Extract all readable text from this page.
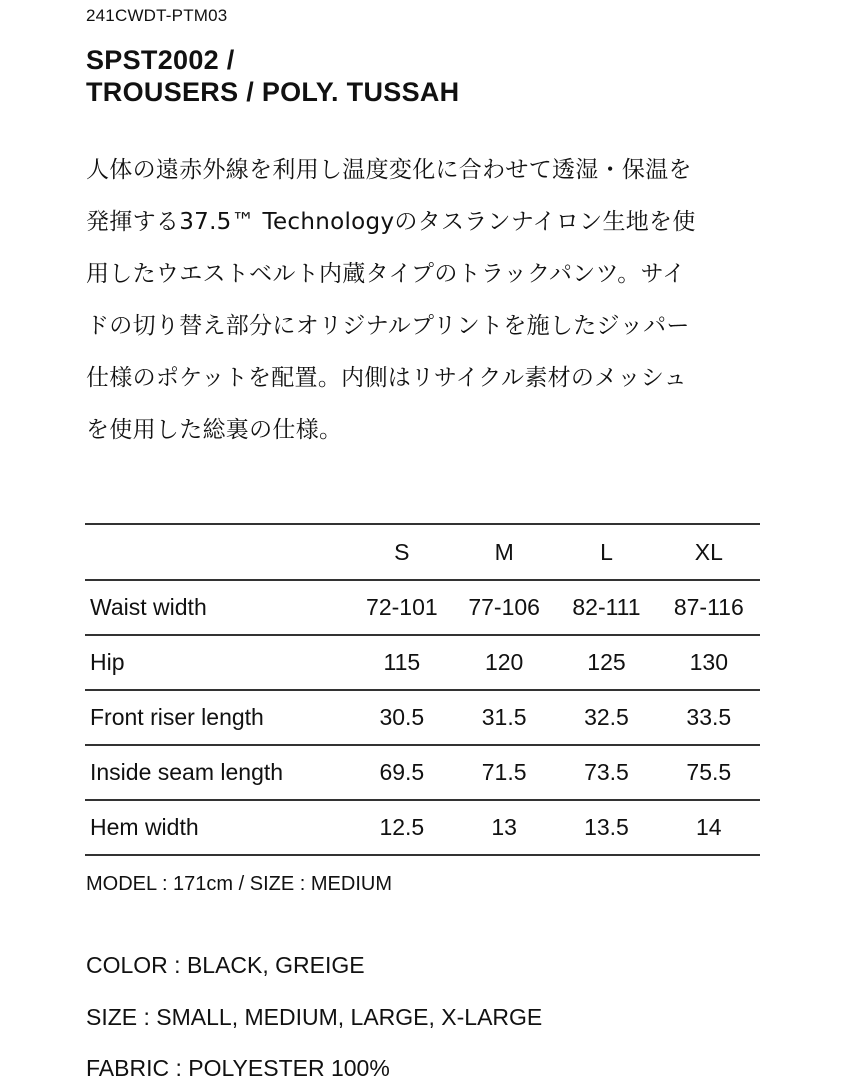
241CWDT-PTM03
SPST2002 /
TROUSERS / POLY. TUSSAH
人体の遠赤外線を利用し温度変化に合わせて透湿・保温を
発揮する37.5™ Technologyのタスランナイロン生地を使
用したウエストベルト内蔵タイプのトラックパンツ。サイ
ドの切り替え部分にオリジナルプリントを施したジッパー
仕様のポケットを配置。内側はリサイクル素材のメッシュ
を使用した総裏の仕様。
	S	M	L	XL
Waist width	72-101	77-106	82-111	87-116
Hip	115	120	125	130
Front riser length	30.5	31.5	32.5	33.5
Inside seam length	69.5	71.5	73.5	75.5
Hem width	12.5	13	13.5	14
MODEL : 171cm / SIZE : MEDIUM
COLOR : BLACK, GREIGE
SIZE : SMALL, MEDIUM, LARGE, X-LARGE
FABRIC : POLYESTER 100%
